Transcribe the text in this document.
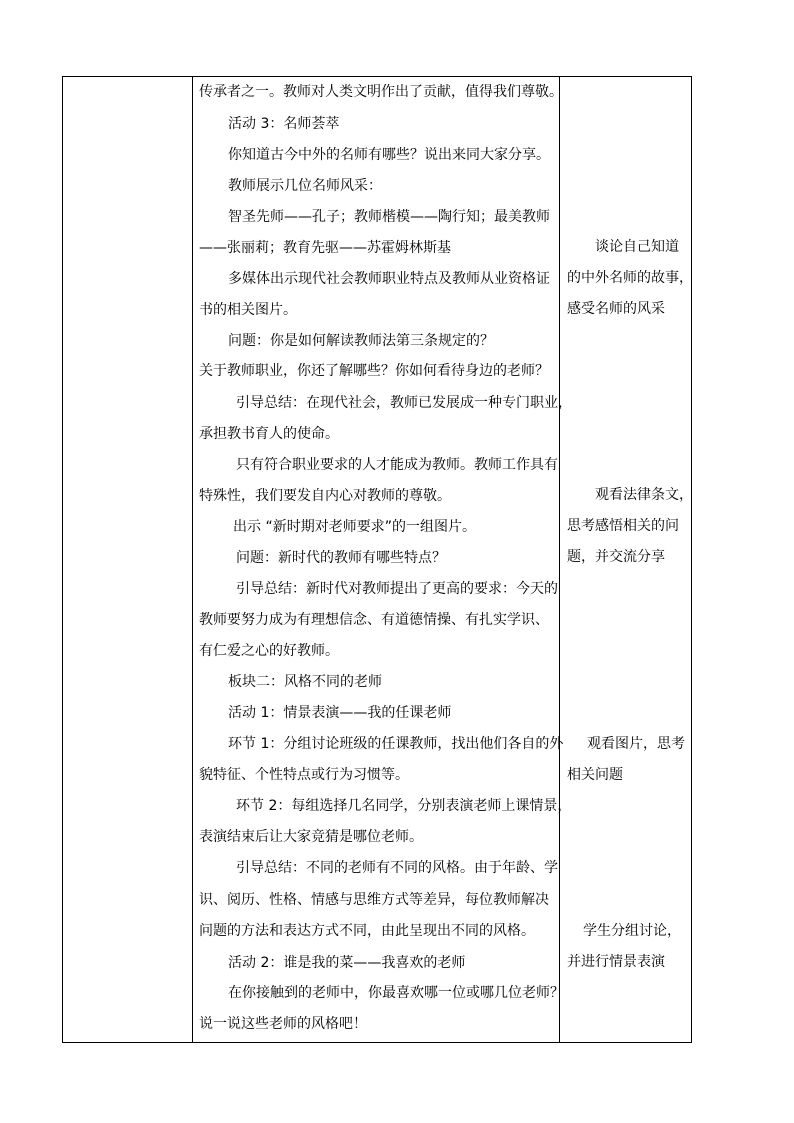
传承者之一。教师对人类文明作出了贡献，值得我们尊敬。
活动 3：名师荟萃
你知道古今中外的名师有哪些？说出来同大家分享。
教师展示几位名师风采：
智圣先师——孔子；教师楷模——陶行知；最美教师
——张丽莉；教育先驱——苏霍姆林斯基
多媒体出示现代社会教师职业特点及教师从业资格证
书的相关图片。
问题：你是如何解读教师法第三条规定的？
关于教师职业，你还了解哪些？你如何看待身边的老师？
引导总结：在现代社会，教师已发展成一种专门职业，
承担教书育人的使命。
只有符合职业要求的人才能成为教师。教师工作具有
特殊性，我们要发自内心对教师的尊敬。
出示 “新时期对老师要求”的一组图片。
问题：新时代的教师有哪些特点？
引导总结：新时代对教师提出了更高的要求：今天的
教师要努力成为有理想信念、有道德情操、有扎实学识、
有仁爱之心的好教师。
板块二：风格不同的老师
活动 1：情景表演——我的任课老师
环节 1：分组讨论班级的任课教师，找出他们各自的外
貌特征、个性特点或行为习惯等。
环节 2：每组选择几名同学，分别表演老师上课情景，
表演结束后让大家竞猜是哪位老师。
引导总结：不同的老师有不同的风格。由于年龄、学
识、阅历、性格、情感与思维方式等差异，每位教师解决
问题的方法和表达方式不同，由此呈现出不同的风格。
活动 2：谁是我的菜——我喜欢的老师
在你接触到的老师中，你最喜欢哪一位或哪几位老师？
说一说这些老师的风格吧！
谈论自己知道
的中外名师的故事，
感受名师的风采
观看法律条文，
思考感悟相关的问
题，并交流分享
观看图片，思考
相关问题
学生分组讨论，
并进行情景表演
